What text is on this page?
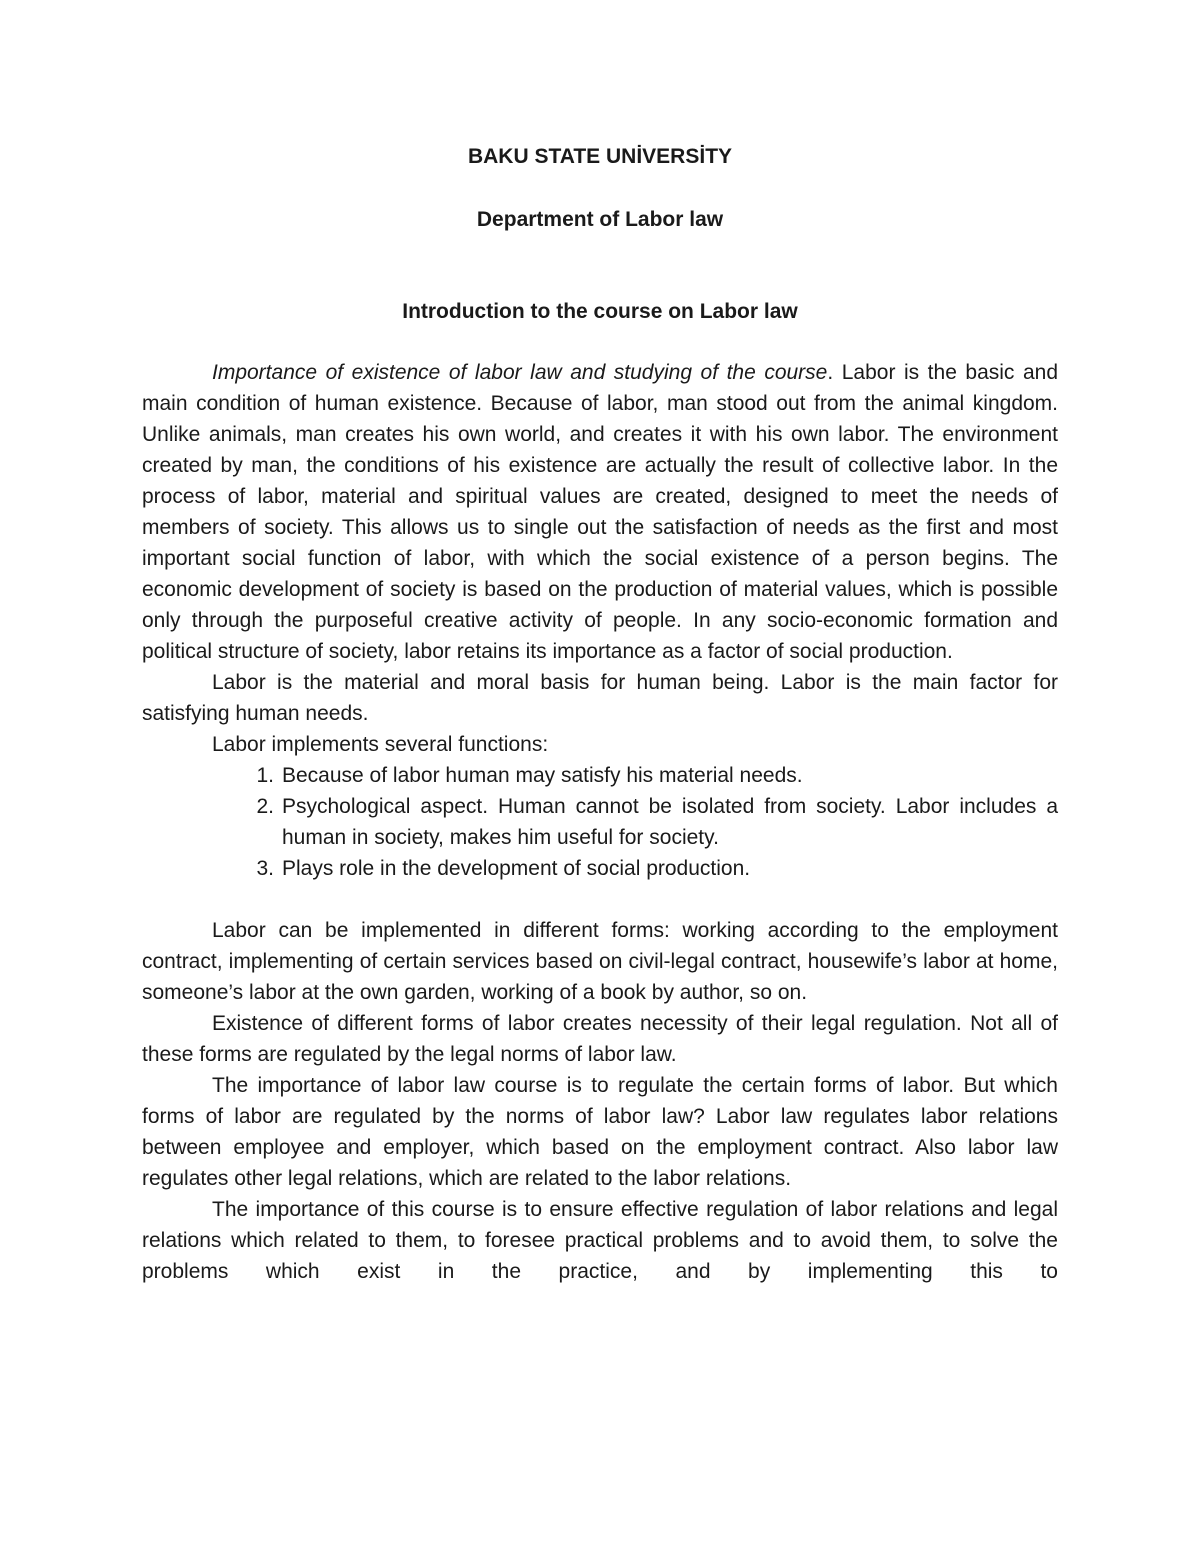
BAKU STATE UNİVERSİTY
Department of Labor law
Introduction to the course on Labor law

Importance of existence of labor law and studying of the course. Labor is the basic and main condition of human existence. Because of labor, man stood out from the animal kingdom. Unlike animals, man creates his own world, and creates it with his own labor. The environment created by man, the conditions of his existence are actually the result of collective labor. In the process of labor, material and spiritual values are created, designed to meet the needs of members of society. This allows us to single out the satisfaction of needs as the first and most important social function of labor, with which the social existence of a person begins. The economic development of society is based on the production of material values, which is possible only through the purposeful creative activity of people. In any socio-economic formation and political structure of society, labor retains its importance as a factor of social production.

Labor is the material and moral basis for human being. Labor is the main factor for satisfying human needs.

Labor implements several functions:

1. Because of labor human may satisfy his material needs.
2. Psychological aspect. Human cannot be isolated from society. Labor includes a human in society, makes him useful for society.
3. Plays role in the development of social production.

Labor can be implemented in different forms: working according to the employment contract, implementing of certain services based on civil-legal contract, housewife’s labor at home, someone’s labor at the own garden, working of a book by author, so on.

Existence of different forms of labor creates necessity of their legal regulation. Not all of these forms are regulated by the legal norms of labor law.

The importance of labor law course is to regulate the certain forms of labor. But which forms of labor are regulated by the norms of labor law? Labor law regulates labor relations between employee and employer, which based on the employment contract. Also labor law regulates other legal relations, which are related to the labor relations.

The importance of this course is to ensure effective regulation of labor relations and legal relations which related to them, to foresee practical problems and to avoid them, to solve the problems which exist in the practice, and by implementing this to
